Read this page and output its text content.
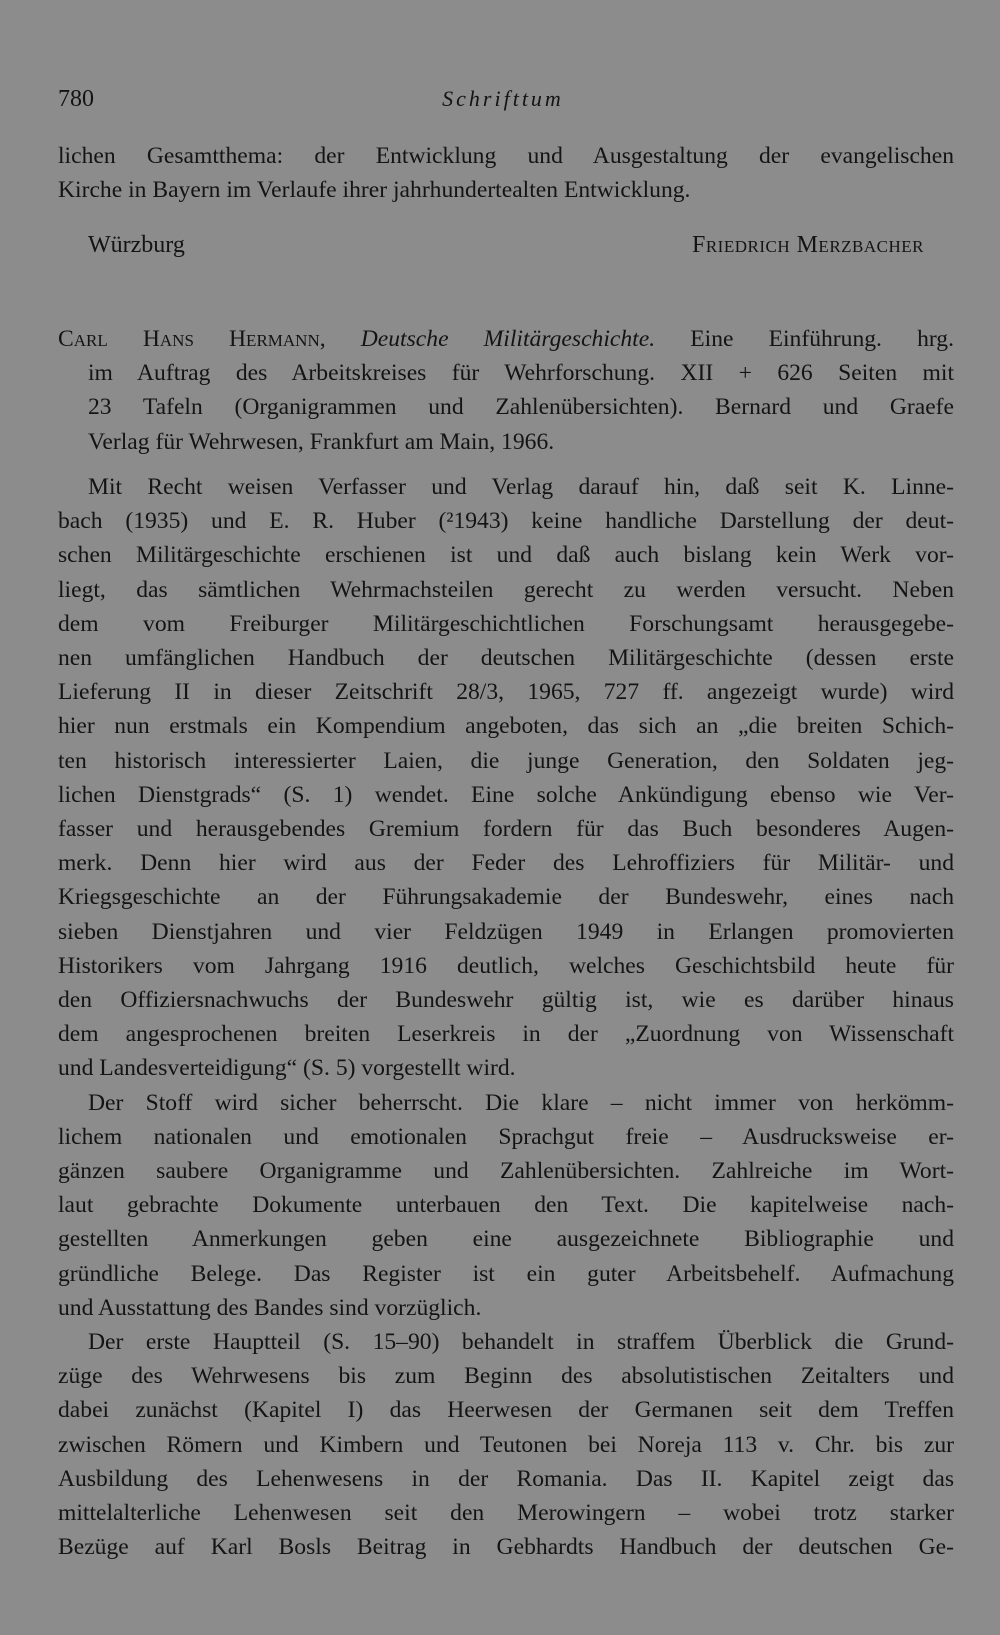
780	Schrifttum
lichen Gesamtthema: der Entwicklung und Ausgestaltung der evangelischen
Kirche in Bayern im Verlaufe ihrer jahrhundertealten Entwicklung.
Würzburg	Friedrich Merzbacher
Carl Hans Hermann, Deutsche Militärgeschichte. Eine Einführung. hrg.
im Auftrag des Arbeitskreises für Wehrforschung. XII + 626 Seiten mit
23 Tafeln (Organigrammen und Zahlenübersichten). Bernard und Graefe
Verlag für Wehrwesen, Frankfurt am Main, 1966.
Mit Recht weisen Verfasser und Verlag darauf hin, daß seit K. Linne-
bach (1935) und E. R. Huber (²1943) keine handliche Darstellung der deut-
schen Militärgeschichte erschienen ist und daß auch bislang kein Werk vor-
liegt, das sämtlichen Wehrmachsteilen gerecht zu werden versucht. Neben
dem vom Freiburger Militärgeschichtlichen Forschungsamt herausgegebe-
nen umfänglichen Handbuch der deutschen Militärgeschichte (dessen erste
Lieferung II in dieser Zeitschrift 28/3, 1965, 727 ff. angezeigt wurde) wird
hier nun erstmals ein Kompendium angeboten, das sich an „die breiten Schich-
ten historisch interessierter Laien, die junge Generation, den Soldaten jeg-
lichen Dienstgrads“ (S. 1) wendet. Eine solche Ankündigung ebenso wie Ver-
fasser und herausgebendes Gremium fordern für das Buch besonderes Augen-
merk. Denn hier wird aus der Feder des Lehroffiziers für Militär- und
Kriegsgeschichte an der Führungsakademie der Bundeswehr, eines nach
sieben Dienstjahren und vier Feldzügen 1949 in Erlangen promovierten
Historikers vom Jahrgang 1916 deutlich, welches Geschichtsbild heute für
den Offiziersnachwuchs der Bundeswehr gültig ist, wie es darüber hinaus
dem angesprochenen breiten Leserkreis in der „Zuordnung von Wissenschaft
und Landesverteidigung“ (S. 5) vorgestellt wird.
Der Stoff wird sicher beherrscht. Die klare – nicht immer von herkömm-
lichem nationalen und emotionalen Sprachgut freie – Ausdrucksweise er-
gänzen saubere Organigramme und Zahlenübersichten. Zahlreiche im Wort-
laut gebrachte Dokumente unterbauen den Text. Die kapitelweise nach-
gestellten Anmerkungen geben eine ausgezeichnete Bibliographie und
gründliche Belege. Das Register ist ein guter Arbeitsbehelf. Aufmachung
und Ausstattung des Bandes sind vorzüglich.
Der erste Hauptteil (S. 15–90) behandelt in straffem Überblick die Grund-
züge des Wehrwesens bis zum Beginn des absolutistischen Zeitalters und
dabei zunächst (Kapitel I) das Heerwesen der Germanen seit dem Treffen
zwischen Römern und Kimbern und Teutonen bei Noreja 113 v. Chr. bis zur
Ausbildung des Lehenwesens in der Romania. Das II. Kapitel zeigt das
mittelalterliche Lehenwesen seit den Merowingern – wobei trotz starker
Bezüge auf Karl Bosls Beitrag in Gebhardts Handbuch der deutschen Ge-
